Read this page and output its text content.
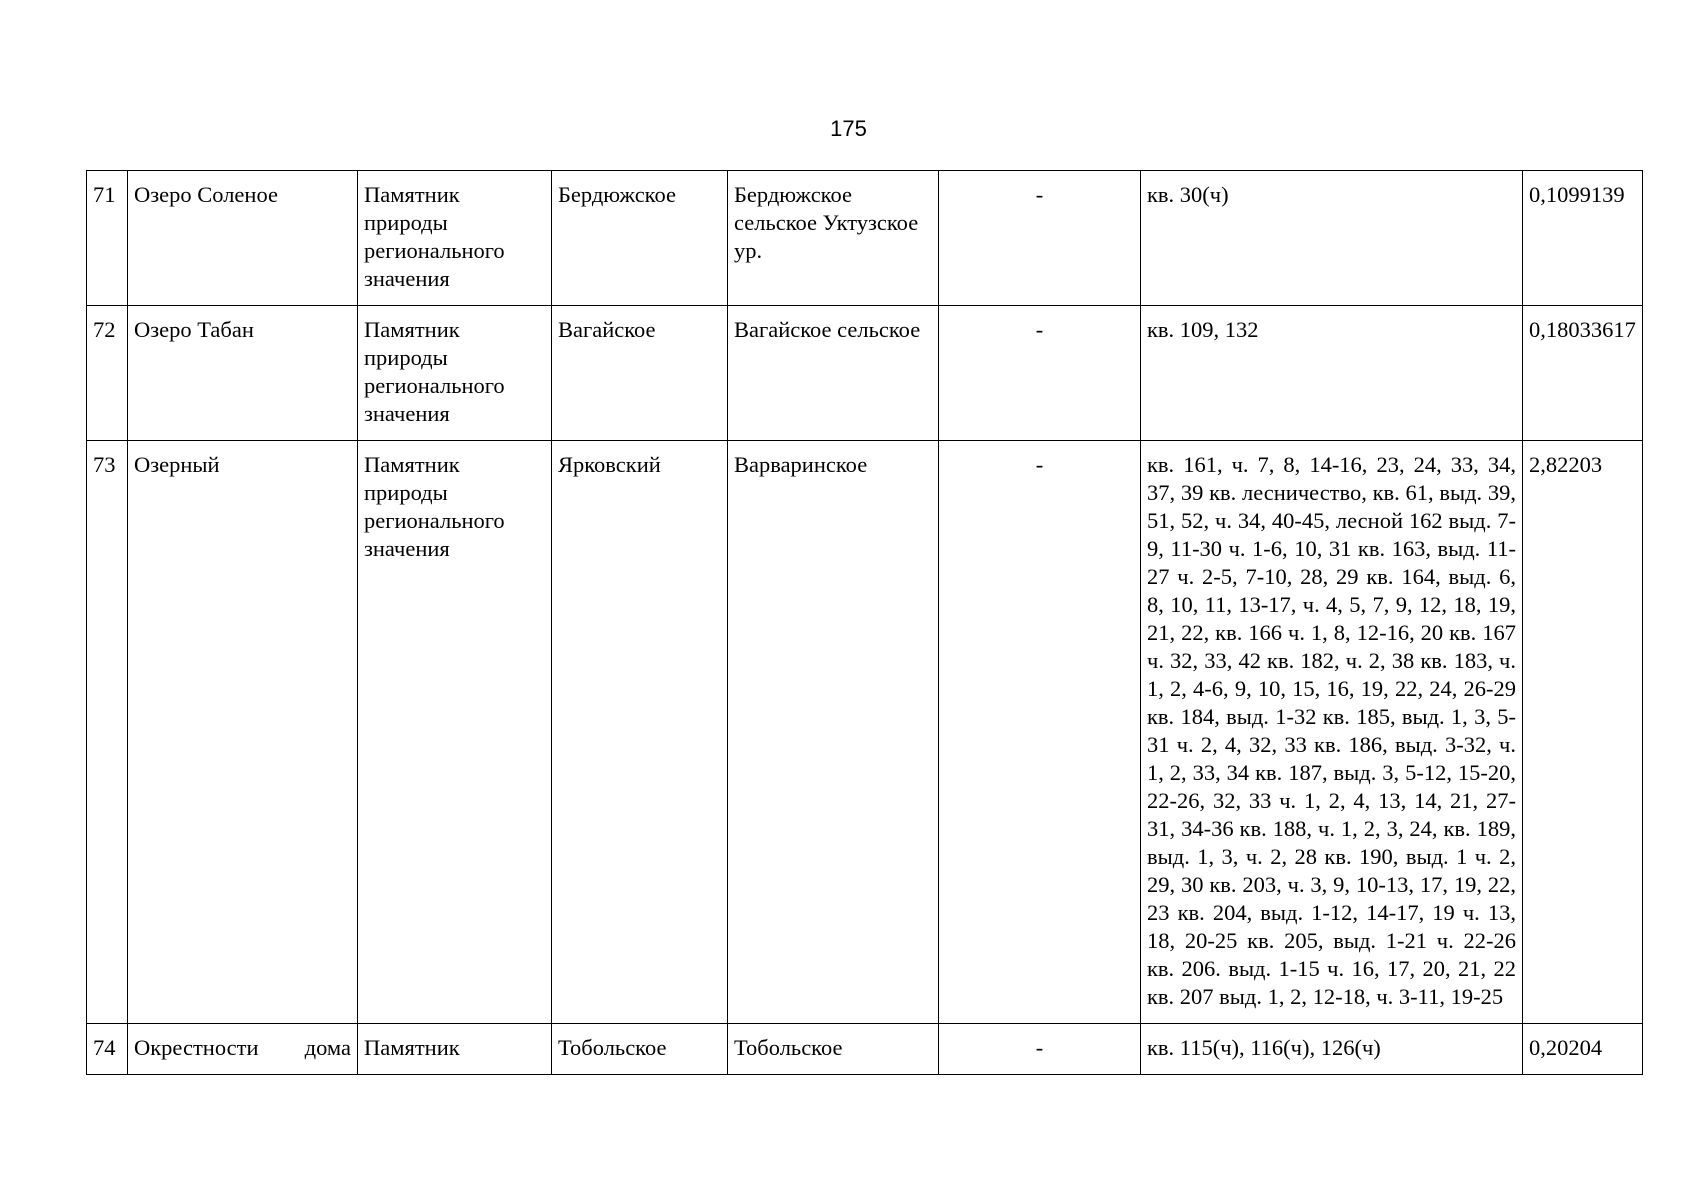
175
71	Озеро Соленое	Памятник природы регионального значения	Бердюжское	Бердюжское сельское Уктузское ур.	-	кв. 30(ч)	0,1099139
72	Озеро Табан	Памятник природы регионального значения	Вагайское	Вагайское сельское	-	кв. 109, 132	0,18033617
73	Озерный	Памятник природы регионального значения	Ярковский	Варваринское	-	кв. 161, ч. 7, 8, 14-16, 23, 24, 33, 34, 37, 39 кв. лесничество, кв. 61, выд. 39, 51, 52, ч. 34, 40-45, лесной 162 выд. 7-9, 11-30 ч. 1-6, 10, 31 кв. 163, выд. 11-27 ч. 2-5, 7-10, 28, 29 кв. 164, выд. 6, 8, 10, 11, 13-17, ч. 4, 5, 7, 9, 12, 18, 19, 21, 22, кв. 166 ч. 1, 8, 12-16, 20 кв. 167 ч. 32, 33, 42 кв. 182, ч. 2, 38 кв. 183, ч. 1, 2, 4-6, 9, 10, 15, 16, 19, 22, 24, 26-29 кв. 184, выд. 1-32 кв. 185, выд. 1, 3, 5-31 ч. 2, 4, 32, 33 кв. 186, выд. 3-32, ч. 1, 2, 33, 34 кв. 187, выд. 3, 5-12, 15-20, 22-26, 32, 33 ч. 1, 2, 4, 13, 14, 21, 27-31, 34-36 кв. 188, ч. 1, 2, 3, 24, кв. 189, выд. 1, 3, ч. 2, 28 кв. 190, выд. 1 ч. 2, 29, 30 кв. 203, ч. 3, 9, 10-13, 17, 19, 22, 23 кв. 204, выд. 1-12, 14-17, 19 ч. 13, 18, 20-25 кв. 205, выд. 1-21 ч. 22-26 кв. 206. выд. 1-15 ч. 16, 17, 20, 21, 22 кв. 207 выд. 1, 2, 12-18, ч. 3-11, 19-25	2,82203
74	Окрестности дома	Памятник	Тобольское	Тобольское	-	кв. 115(ч), 116(ч), 126(ч)	0,20204
